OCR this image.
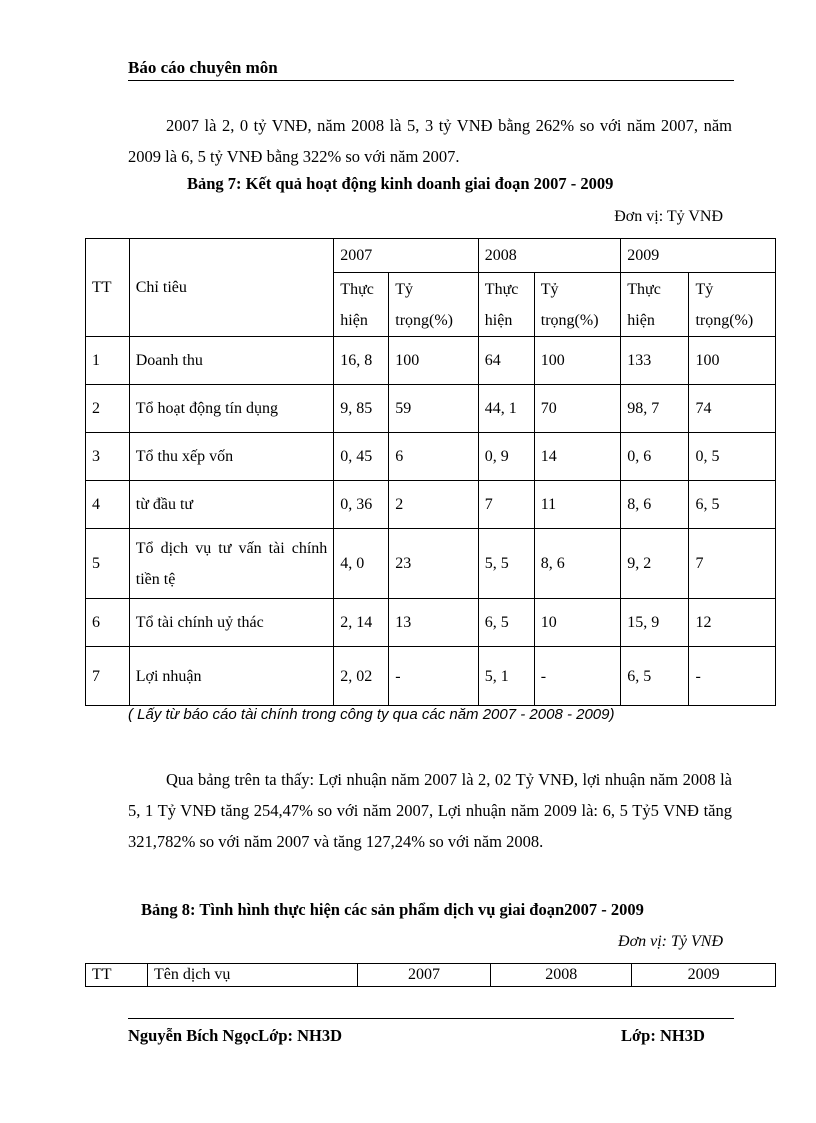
Báo cáo chuyên môn

2007 là 2, 0 tỷ VNĐ, năm 2008 là 5, 3 tỷ VNĐ bằng 262% so với năm 2007, năm 2009 là 6, 5 tỷ VNĐ bằng 322% so với năm 2007.

Bảng 7: Kết quả hoạt động kinh doanh giai đoạn 2007 - 2009
Đơn vị: Tỷ VNĐ
TT	Chỉ tiêu	2007		2008		2009	
		Thực hiện	Tỷ trọng(%)	Thực hiện	Tỷ trọng(%)	Thực hiện	Tỷ trọng(%)
1	Doanh thu	16, 8	100	64	100	133	100
2	Tổ hoạt động tín dụng	9, 85	59	44, 1	70	98, 7	74
3	Tổ thu xếp vốn	0, 45	6	0, 9	14	0, 6	0, 5
4	từ đầu tư	0, 36	2	7	11	8, 6	6, 5
5	Tổ dịch vụ tư vấn tài chính tiền tệ	4, 0	23	5, 5	8, 6	9, 2	7
6	Tổ tài chính uỷ thác	2, 14	13	6, 5	10	15, 9	12
7	Lợi nhuận	2, 02	-	5, 1	-	6, 5	-
( Lấy từ báo cáo tài chính trong công ty qua các năm 2007 - 2008 - 2009)

Qua bảng trên ta thấy: Lợi nhuận năm 2007 là 2, 02 Tỷ VNĐ, lợi nhuận năm 2008 là 5, 1 Tỷ VNĐ tăng 254,47% so với năm 2007, Lợi nhuận năm 2009 là: 6, 5 Tỷ5 VNĐ tăng 321,782% so với năm 2007 và tăng 127,24% so với năm 2008.

Bảng 8: Tình hình thực hiện các sản phẩm dịch vụ giai đoạn2007 - 2009
Đơn vị: Tỷ VNĐ
TT	Tên dịch vụ	2007	2008	2009
Nguyễn Bích NgọcLớp: NH3D	Lớp: NH3D
